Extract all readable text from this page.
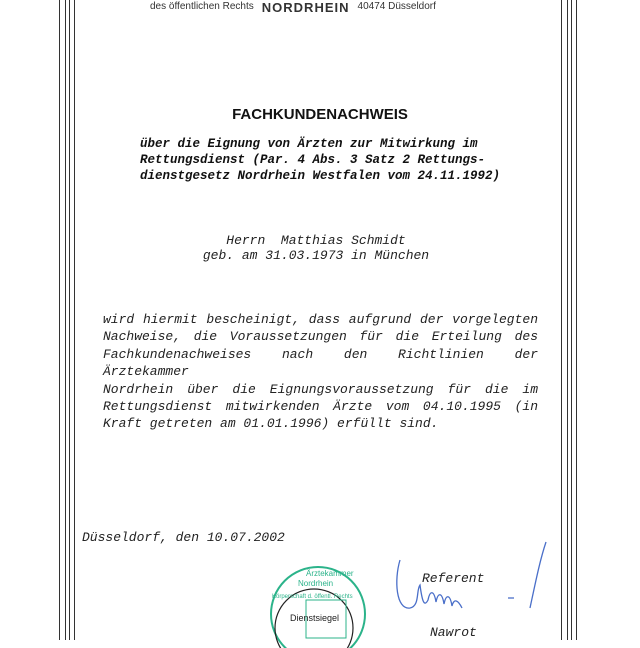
des öffentlichen Rechts NORDRHEIN 40474 Düsseldorf
FACHKUNDENACHWEIS
über die Eignung von Ärzten zur Mitwirkung im
Rettungsdienst (Par. 4 Abs. 3 Satz 2 Rettungs-
dienstgesetz Nordrhein Westfalen vom 24.11.1992)
Herrn  Matthias Schmidt
geb. am 31.03.1973 in München
wird hiermit bescheinigt, dass aufgrund der vorgelegten
Nachweise, die Voraussetzungen für die Erteilung des
Fachkundenachweises nach den Richtlinien der Ärztekammer
Nordrhein über die Eignungsvoraussetzung für die im
Rettungsdienst mitwirkenden Ärzte vom 04.10.1995 (in
Kraft getreten am 01.01.1996) erfüllt sind.
Düsseldorf, den 10.07.2002
Ärztekammer
Nordrhein
Körperschaft d. öffentl. Rechts
Dienstsiegel
Referent
Nawrot
